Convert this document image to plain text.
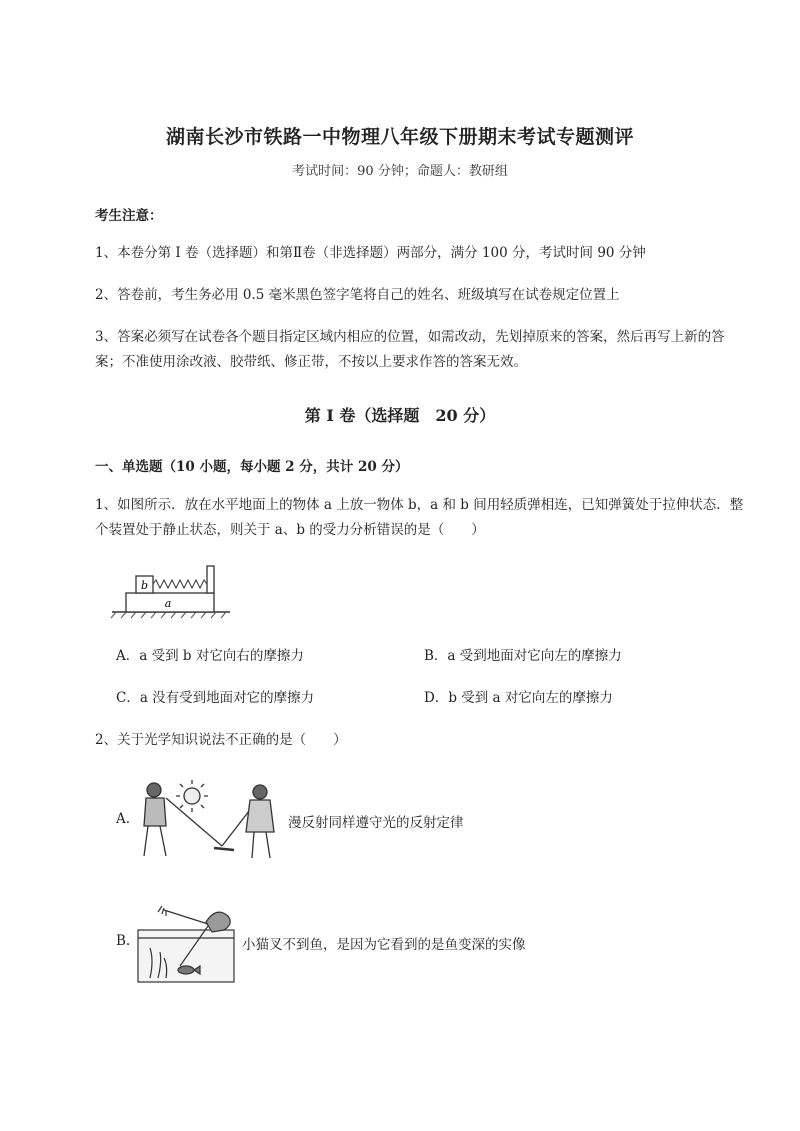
湖南长沙市铁路一中物理八年级下册期末考试专题测评
考试时间：90 分钟；命题人：教研组
考生注意：
1、本卷分第 I 卷（选择题）和第Ⅱ卷（非选择题）两部分，满分 100 分，考试时间 90 分钟
2、答卷前，考生务必用 0.5 毫米黑色签字笔将自己的姓名、班级填写在试卷规定位置上
3、答案必须写在试卷各个题目指定区域内相应的位置，如需改动，先划掉原来的答案，然后再写上新的答案；不准使用涂改液、胶带纸、修正带，不按以上要求作答的答案无效。
第 I 卷（选择题　20 分）
一、单选题（10 小题，每小题 2 分，共计 20 分）
1、如图所示．放在水平地面上的物体 a 上放一物体 b，a 和 b 间用轻质弹相连，已知弹簧处于拉伸状态．整个装置处于静止状态，则关于 a、b 的受力分析错误的是（　　）
b
a
A．a 受到 b 对它向右的摩擦力	B．a 受到地面对它向左的摩擦力
C．a 没有受到地面对它的摩擦力	D．b 受到 a 对它向左的摩擦力
2、关于光学知识说法不正确的是（　　）
A.	漫反射同样遵守光的反射定律
B.	小猫叉不到鱼，是因为它看到的是鱼变深的实像
